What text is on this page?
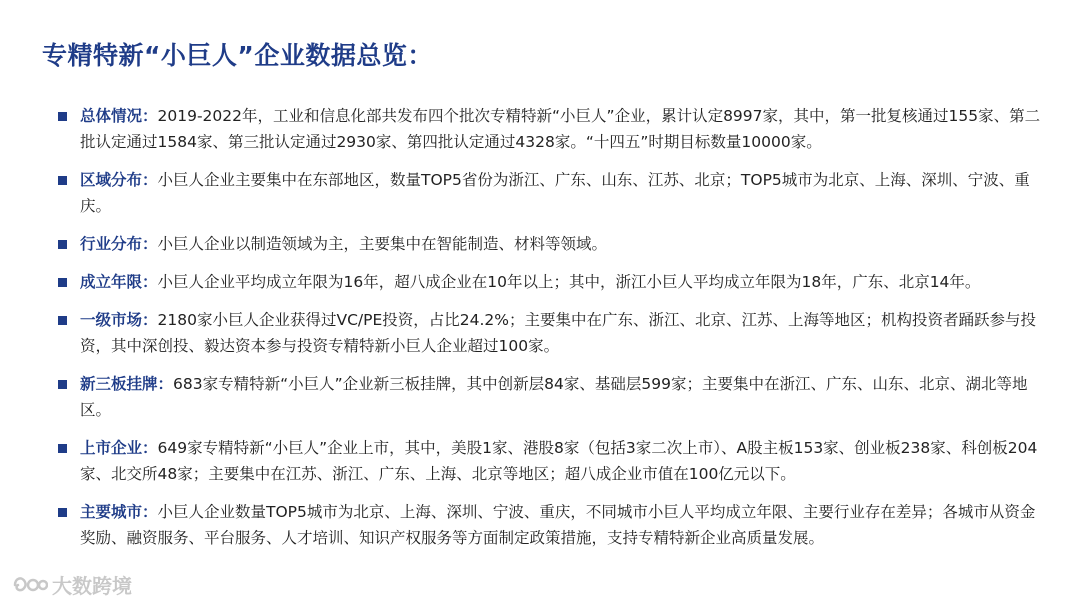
专精特新“小巨人”企业数据总览：
总体情况：2019-2022年，工业和信息化部共发布四个批次专精特新“小巨人”企业，累计认定8997家，其中，第一批复核通过155家、第二批认定通过1584家、第三批认定通过2930家、第四批认定通过4328家。“十四五”时期目标数量10000家。
区域分布：小巨人企业主要集中在东部地区，数量TOP5省份为浙江、广东、山东、江苏、北京；TOP5城市为北京、上海、深圳、宁波、重庆。
行业分布：小巨人企业以制造领域为主，主要集中在智能制造、材料等领域。
成立年限：小巨人企业平均成立年限为16年，超八成企业在10年以上；其中，浙江小巨人平均成立年限为18年，广东、北京14年。
一级市场：2180家小巨人企业获得过VC/PE投资，占比24.2%；主要集中在广东、浙江、北京、江苏、上海等地区；机构投资者踊跃参与投资，其中深创投、毅达资本参与投资专精特新小巨人企业超过100家。
新三板挂牌：683家专精特新“小巨人”企业新三板挂牌，其中创新层84家、基础层599家；主要集中在浙江、广东、山东、北京、湖北等地区。
上市企业：649家专精特新“小巨人”企业上市，其中，美股1家、港股8家（包括3家二次上市）、A股主板153家、创业板238家、科创板204家、北交所48家；主要集中在江苏、浙江、广东、上海、北京等地区；超八成企业市值在100亿元以下。
主要城市：小巨人企业数量TOP5城市为北京、上海、深圳、宁波、重庆，不同城市小巨人平均成立年限、主要行业存在差异；各城市从资金奖励、融资服务、平台服务、人才培训、知识产权服务等方面制定政策措施，支持专精特新企业高质量发展。
大数跨境
